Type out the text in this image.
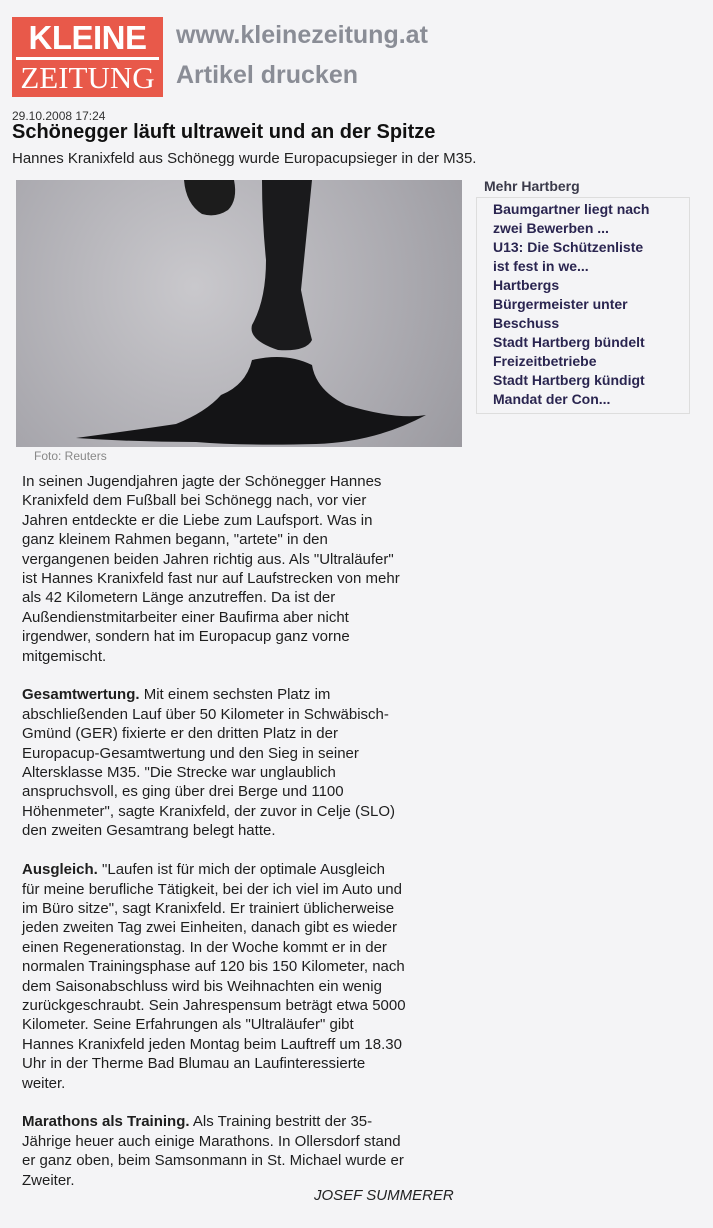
KLEINE
ZEITUNG
www.kleinezeitung.at
Artikel drucken
29.10.2008 17:24
Schönegger läuft ultraweit und an der Spitze
Hannes Kranixfeld aus Schönegg wurde Europacupsieger in der M35.
Foto: Reuters
Mehr Hartberg
Baumgartner liegt nach
zwei Bewerben ...
U13: Die Schützenliste
ist fest in we...
Hartbergs
Bürgermeister unter
Beschuss
Stadt Hartberg bündelt
Freizeitbetriebe
Stadt Hartberg kündigt
Mandat der Con...
In seinen Jugendjahren jagte der Schönegger Hannes
Kranixfeld dem Fußball bei Schönegg nach, vor vier
Jahren entdeckte er die Liebe zum Laufsport. Was in
ganz kleinem Rahmen begann, "artete" in den
vergangenen beiden Jahren richtig aus. Als "Ultraläufer"
ist Hannes Kranixfeld fast nur auf Laufstrecken von mehr
als 42 Kilometern Länge anzutreffen. Da ist der
Außendienstmitarbeiter einer Baufirma aber nicht
irgendwer, sondern hat im Europacup ganz vorne
mitgemischt.
Gesamtwertung. Mit einem sechsten Platz im
abschließenden Lauf über 50 Kilometer in Schwäbisch-
Gmünd (GER) fixierte er den dritten Platz in der
Europacup-Gesamtwertung und den Sieg in seiner
Altersklasse M35. "Die Strecke war unglaublich
anspruchsvoll, es ging über drei Berge und 1100
Höhenmeter", sagte Kranixfeld, der zuvor in Celje (SLO)
den zweiten Gesamtrang belegt hatte.
Ausgleich. "Laufen ist für mich der optimale Ausgleich
für meine berufliche Tätigkeit, bei der ich viel im Auto und
im Büro sitze", sagt Kranixfeld. Er trainiert üblicherweise
jeden zweiten Tag zwei Einheiten, danach gibt es wieder
einen Regenerationstag. In der Woche kommt er in der
normalen Trainingsphase auf 120 bis 150 Kilometer, nach
dem Saisonabschluss wird bis Weihnachten ein wenig
zurückgeschraubt. Sein Jahrespensum beträgt etwa 5000
Kilometer. Seine Erfahrungen als "Ultraläufer" gibt
Hannes Kranixfeld jeden Montag beim Lauftreff um 18.30
Uhr in der Therme Bad Blumau an Laufinteressierte
weiter.
Marathons als Training. Als Training bestritt der 35-
Jährige heuer auch einige Marathons. In Ollersdorf stand
er ganz oben, beim Samsonmann in St. Michael wurde er
Zweiter.
JOSEF SUMMERER
